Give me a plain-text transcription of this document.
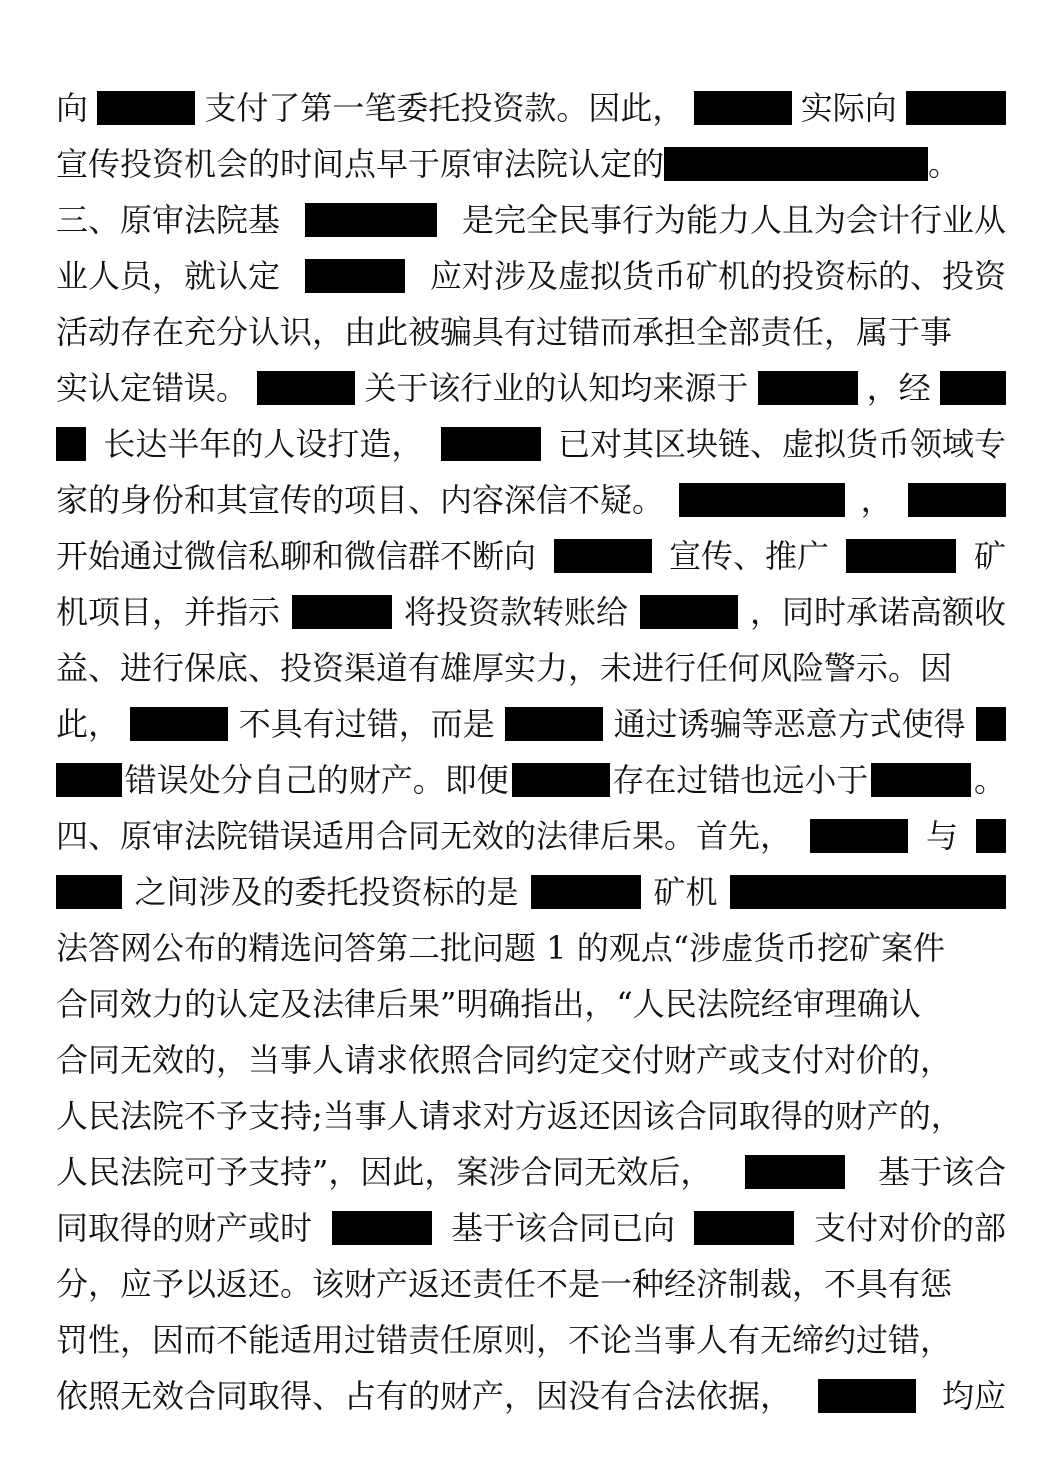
向	支付了第一笔委托投资款。因此，	实际向
宣传投资机会的时间点早于原审法院认定的	。
三、原审法院基	是完全民事行为能力人且为会计行业从
业人员，就认定	应对涉及虚拟货币矿机的投资标的、投资
活动存在充分认识，由此被骗具有过错而承担全部责任，属于事
实认定错误。	关于该行业的认知均来源于	，经
长达半年的人设打造，	已对其区块链、虚拟货币领域专
家的身份和其宣传的项目、内容深信不疑。	，
开始通过微信私聊和微信群不断向	宣传、推广	矿
机项目，并指示	将投资款转账给	，同时承诺高额收
益、进行保底、投资渠道有雄厚实力，未进行任何风险警示。因
此，	不具有过错，而是	通过诱骗等恶意方式使得
错误处分自己的财产。即便	存在过错也远小于	。
四、原审法院错误适用合同无效的法律后果。首先，	与
之间涉及的委托投资标的是	矿机
法答网公布的精选问答第二批问题 1 的观点“涉虚货币挖矿案件
合同效力的认定及法律后果”明确指出，“人民法院经审理确认
合同无效的，当事人请求依照合同约定交付财产或支付对价的，
人民法院不予支持;当事人请求对方返还因该合同取得的财产的，
人民法院可予支持”，因此，案涉合同无效后，	基于该合
同取得的财产或时	基于该合同已向	支付对价的部
分，应予以返还。该财产返还责任不是一种经济制裁，不具有惩
罚性，因而不能适用过错责任原则，不论当事人有无缔约过错，
依照无效合同取得、占有的财产，因没有合法依据，	均应
